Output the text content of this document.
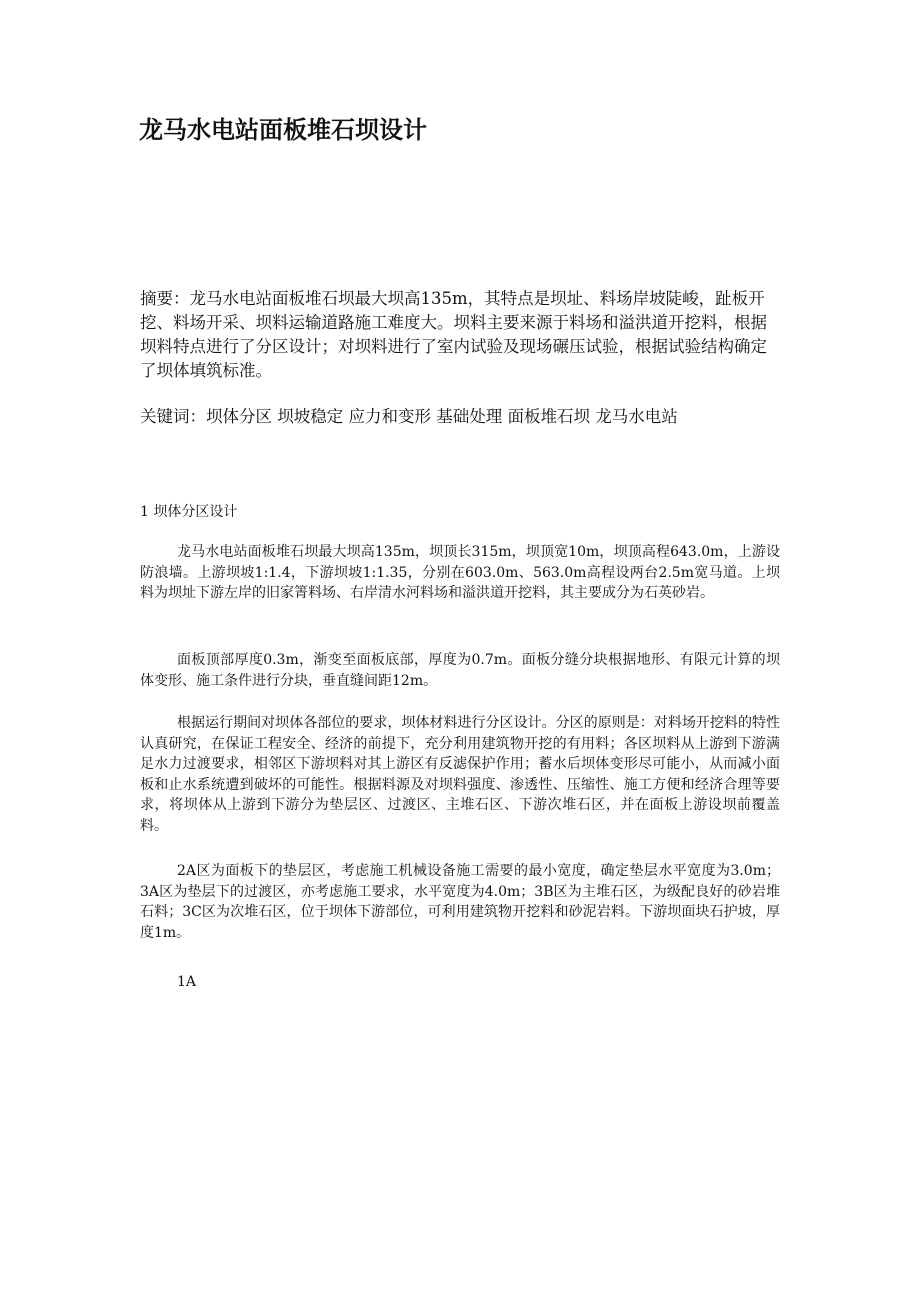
龙马水电站面板堆石坝设计

摘要：龙马水电站面板堆石坝最大坝高135m，其特点是坝址、料场岸坡陡峻，趾板开挖、料场开采、坝料运输道路施工难度大。坝料主要来源于料场和溢洪道开挖料，根据坝料特点进行了分区设计；对坝料进行了室内试验及现场碾压试验，根据试验结构确定了坝体填筑标准。

关键词：坝体分区 坝坡稳定 应力和变形 基础处理 面板堆石坝 龙马水电站

1 坝体分区设计

龙马水电站面板堆石坝最大坝高135m，坝顶长315m，坝顶宽10m，坝顶高程643.0m，上游设防浪墙。上游坝坡1:1.4，下游坝坡1:1.35，分别在603.0m、563.0m高程设两台2.5m宽马道。上坝料为坝址下游左岸的旧家箐料场、右岸清水河料场和溢洪道开挖料，其主要成分为石英砂岩。

面板顶部厚度0.3m，渐变至面板底部，厚度为0.7m。面板分缝分块根据地形、有限元计算的坝体变形、施工条件进行分块，垂直缝间距12m。

根据运行期间对坝体各部位的要求，坝体材料进行分区设计。分区的原则是：对料场开挖料的特性认真研究，在保证工程安全、经济的前提下，充分利用建筑物开挖的有用料；各区坝料从上游到下游满足水力过渡要求，相邻区下游坝料对其上游区有反滤保护作用；蓄水后坝体变形尽可能小，从而减小面板和止水系统遭到破坏的可能性。根据料源及对坝料强度、渗透性、压缩性、施工方便和经济合理等要求，将坝体从上游到下游分为垫层区、过渡区、主堆石区、下游次堆石区，并在面板上游设坝前覆盖料。

2A区为面板下的垫层区，考虑施工机械设备施工需要的最小宽度，确定垫层水平宽度为3.0m；3A区为垫层下的过渡区，亦考虑施工要求，水平宽度为4.0m；3B区为主堆石区，为级配良好的砂岩堆石料；3C区为次堆石区，位于坝体下游部位，可利用建筑物开挖料和砂泥岩料。下游坝面块石护坡，厚度1m。

1A
